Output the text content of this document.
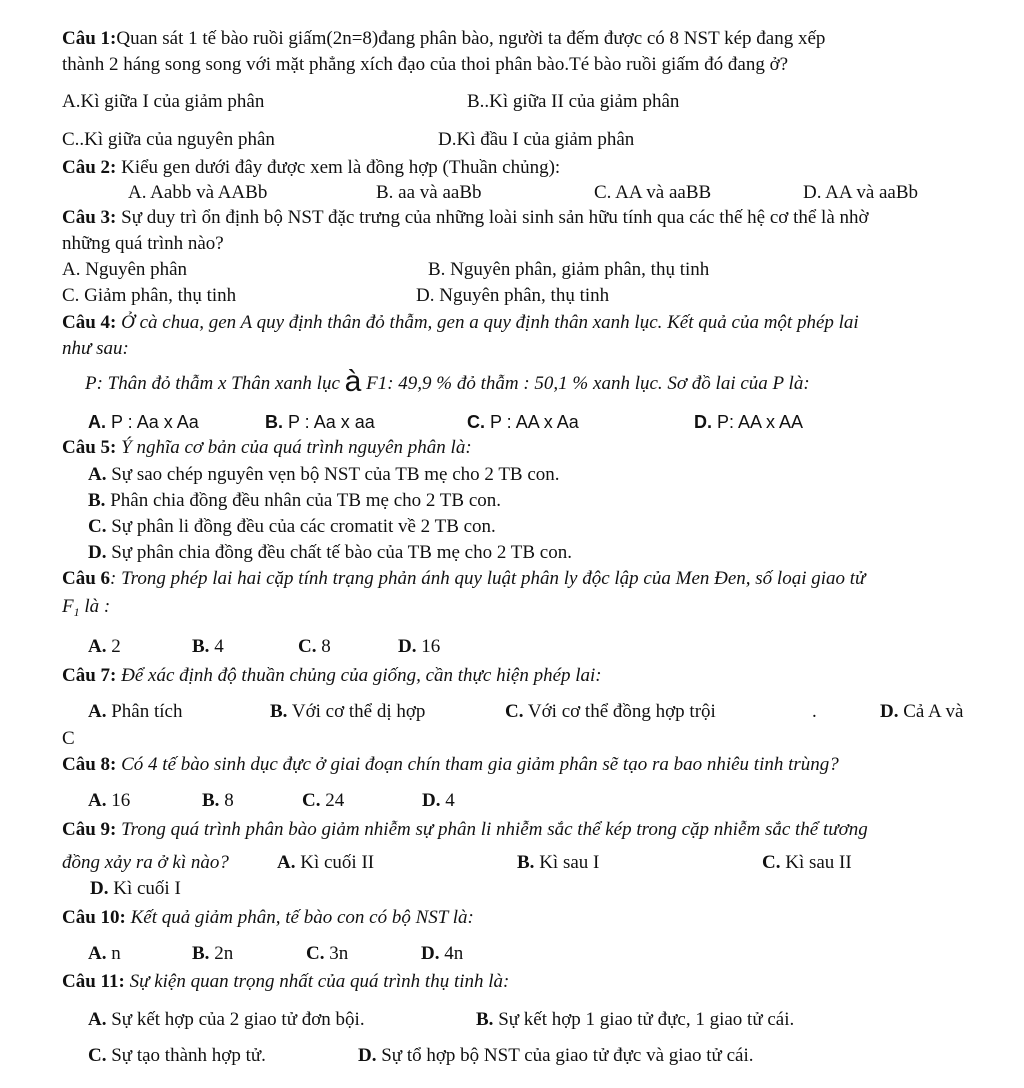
Câu 1:Quan sát 1 tế bào ruồi giấm(2n=8)đang phân bào, người ta đếm được có 8 NST kép đang xếp
thành 2 háng song song với mặt phẳng xích đạo của thoi phân bào.Té bào ruồi giấm đó đang ở?
A.Kì giữa I của giảm phân	B..Kì giữa II của giảm phân
C..Kì giữa của nguyên phân	D.Kì đầu I của giảm phân
Câu 2: Kiểu gen dưới đây được xem là đồng hợp (Thuần chủng):
A. Aabb và AABb	B. aa và aaBb	C. AA và aaBB	D. AA và aaBb
Câu 3: Sự duy trì ổn định bộ NST đặc trưng của những loài sinh sản hữu tính qua các thế hệ cơ thể là nhờ
những quá trình nào?
A. Nguyên phân	B. Nguyên phân, giảm phân, thụ tinh
C. Giảm phân, thụ tinh	D. Nguyên phân, thụ tinh
Câu 4: Ở cà chua, gen A quy định thân đỏ thẫm, gen a quy định thân xanh lục. Kết quả của một phép lai
như sau:
P: Thân đỏ thẫm x Thân xanh lục à F1: 49,9 % đỏ thẫm : 50,1 % xanh lục. Sơ đồ lai của P là:
A. P : Aa x Aa	B. P : Aa x aa	C. P : AA x Aa	D. P: AA x AA
Câu 5: Ý nghĩa cơ bản của quá trình nguyên phân là:
A. Sự sao chép nguyên vẹn bộ NST của TB mẹ cho 2 TB con.
B. Phân chia đồng đều nhân của TB mẹ cho 2 TB con.
C. Sự phân li đồng đều của các cromatit về 2 TB con.
D. Sự phân chia đồng đều chất tế bào của TB mẹ cho 2 TB con.
Câu 6: Trong phép lai hai cặp tính trạng phản ánh quy luật phân ly độc lập của Men Đen, số loại giao tử
$F_1$ là :
A. 2	B. 4	C. 8	D. 16
Câu 7: Để xác định độ thuần chủng của giống, cần thực hiện phép lai:
A. Phân tích	B. Với cơ thể dị hợp	C. Với cơ thể đồng hợp trội	.	D. Cả A và
C
Câu 8: Có 4 tế bào sinh dục đực ở giai đoạn chín tham gia giảm phân sẽ tạo ra bao nhiêu tinh trùng?
A. 16	B. 8	C. 24	D. 4
Câu 9: Trong quá trình phân bào giảm nhiễm sự phân li nhiễm sắc thể kép trong cặp nhiễm sắc thể tương
đồng xảy ra ở kì nào?	A. Kì cuối II	B. Kì sau I	C. Kì sau II
D. Kì cuối I
Câu 10: Kết quả giảm phân, tế bào con có bộ NST là:
A. n	B. 2n	C. 3n	D. 4n
Câu 11: Sự kiện quan trọng nhất của quá trình thụ tinh là:
A. Sự kết hợp của 2 giao tử đơn bội.	B. Sự kết hợp 1 giao tử đực, 1 giao tử cái.
C. Sự tạo thành hợp tử.	D. Sự tổ hợp bộ NST của giao tử đực và giao tử cái.
